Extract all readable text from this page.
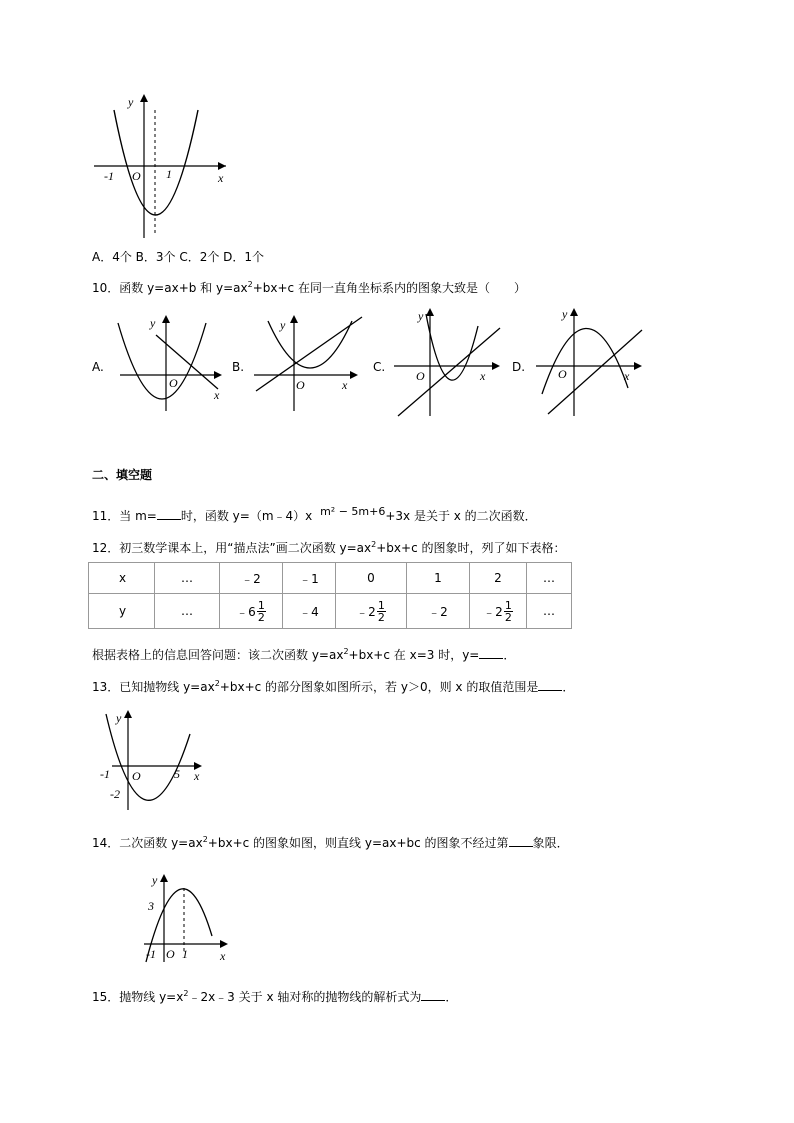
y
x
O
-1	1
A．4个 B．3个 C．2个 D．1个
10．函数 y=ax+b 和 $y=ax^2+bx+c$ 在同一直角坐标系内的图象大致是（　　）
A.
y
x
O
B.
y
x
O
C.
y
x
O
D.
y
x
O
二、填空题
11．当 m= 时，函数 y=（m﹣4）x m² − 5m+6+3x 是关于 x 的二次函数．
12．初三数学课本上，用“描点法”画二次函数 $y=ax^2+bx+c$ 的图象时，列了如下表格：
x	…	﹣2	﹣1	0	1	2	…
y	…	﹣6 $\frac{1}{2}$	﹣4	﹣2 $\frac{1}{2}$	﹣2	﹣2 $\frac{1}{2}$	…
根据表格上的信息回答问题：该二次函数 $y=ax^2+bx+c$ 在 x=3 时，y= ．
13．已知抛物线 $y=ax^2+bx+c$ 的部分图象如图所示，若 y＞0，则 x 的取值范围是 ．
y
x
O
-1	5
-2
14．二次函数 $y=ax^2+bx+c$ 的图象如图，则直线 y=ax+bc 的图象不经过第 象限．
y
x
O
-1 1
3
15．抛物线 $y=x^2﹣2x﹣3$ 关于 x 轴对称的抛物线的解析式为 ．
